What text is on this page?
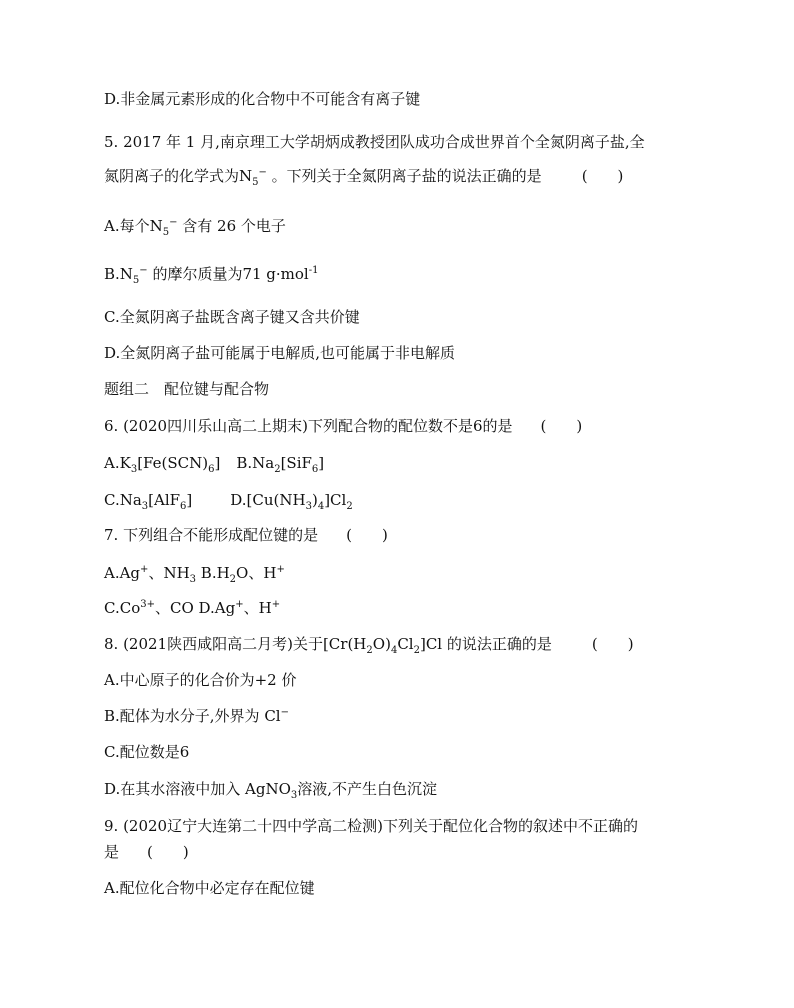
D.非金属元素形成的化合物中不可能含有离子键
5. 2017 年 1 月,南京理工大学胡炳成教授团队成功合成世界首个全氮阴离子盐,全
氮阴离子的化学式为$N_5^-$ 。下列关于全氮阴离子盐的说法正确的是	(　　)
A.每个$N_5^-$ 含有 26 个电子
$B.N_5^-$ 的摩尔质量为71 g·mol$^{-1}$
C.全氮阴离子盐既含离子键又含共价键
D.全氮阴离子盐可能属于电解质,也可能属于非电解质
题组二　配位键与配合物
6. (2020四川乐山高二上期末)下列配合物的配位数不是6的是 (　　)
$A.K_3[Fe(SCN)_6]$ $B.Na_2[SiF_6]$
$C.Na_3[AlF_6]$	$D.[Cu(NH_3)_4]Cl_2$
7. 下列组合不能形成配位键的是 (　　)
A.Ag+、$NH_3$ $B.H_2O$、H+
$C.Co^{3+}$、CO D.Ag+、H+
8. (2021陕西咸阳高二月考)关于$[Cr(H_2O)_4Cl_2]Cl$ 的说法正确的是	(　　)
A.中心原子的化合价为+2 价
B.配体为水分子,外界为 Cl−
C.配位数是6
D.在其水溶液中加入 AgNO$_3$溶液,不产生白色沉淀
9. (2020辽宁大连第二十四中学高二检测)下列关于配位化合物的叙述中不正确的
是 (　　)
A.配位化合物中必定存在配位键
